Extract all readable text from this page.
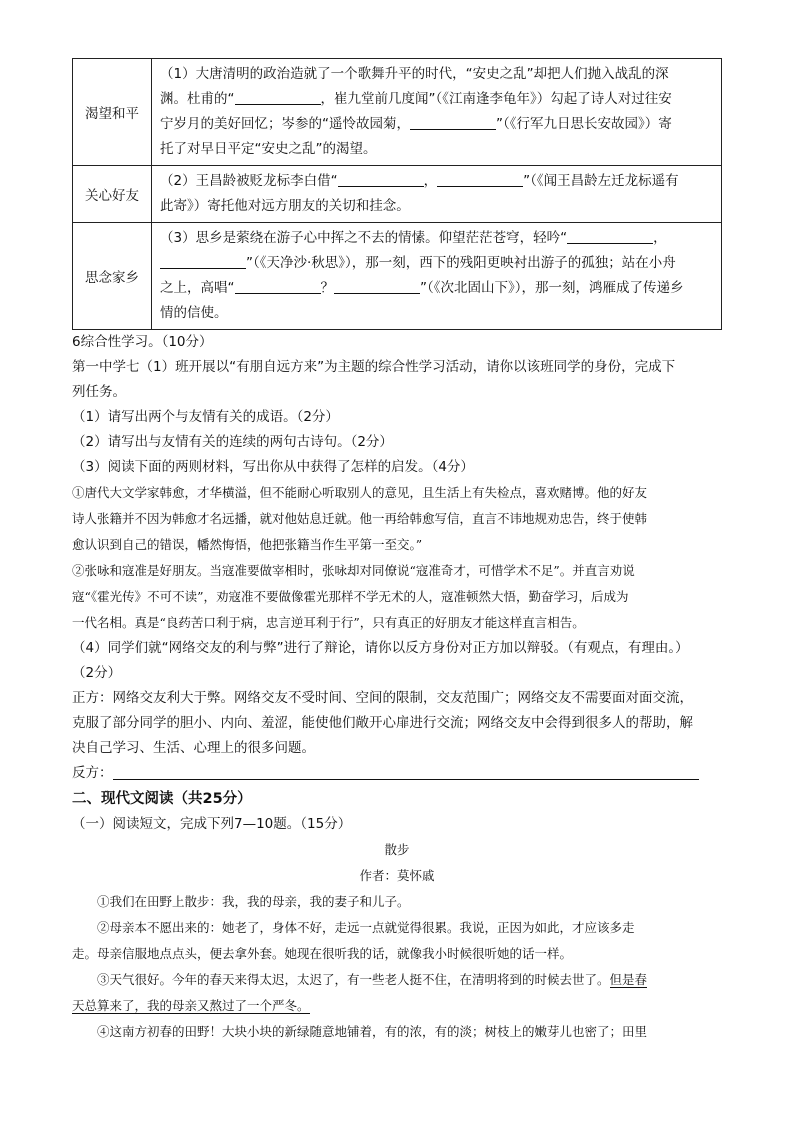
渴望和平	（1）大唐清明的政治造就了一个歌舞升平的时代，“安史之乱”却把人们抛入战乱的深
渊。杜甫的“ ，崔九堂前几度闻”（《江南逢李龟年》）勾起了诗人对过往安
宁岁月的美好回忆；岑参的“遥怜故园菊， ”（《行军九日思长安故园》）寄
托了对早日平定“安史之乱”的渴望。

关心好友	（2）王昌龄被贬龙标李白借“ ， ”（《闻王昌龄左迁龙标遥有
此寄》）寄托他对远方朋友的关切和挂念。

思念家乡	（3）思乡是萦绕在游子心中挥之不去的情愫。仰望茫茫苍穹，轻吟“ ，
”（《天净沙·秋思》），那一刻，西下的残阳更映衬出游子的孤独；站在小舟
之上，高唱“ ？ ”（《次北固山下》），那一刻，鸿雁成了传递乡
情的信使。

6综合性学习。（10分）

第一中学七（1）班开展以“有朋自远方来”为主题的综合性学习活动，请你以该班同学的身份，完成下

列任务。

（1）请写出两个与友情有关的成语。（2分）

（2）请写出与友情有关的连续的两句古诗句。（2分）

（3）阅读下面的两则材料，写出你从中获得了怎样的启发。（4分）

①唐代大文学家韩愈，才华横溢，但不能耐心听取别人的意见，且生活上有失检点，喜欢赌博。他的好友

诗人张籍并不因为韩愈才名远播，就对他姑息迁就。他一再给韩愈写信，直言不讳地规劝忠告，终于使韩

愈认识到自己的错误，幡然悔悟，他把张籍当作生平第一至交。”

②张咏和寇准是好朋友。当寇准要做宰相时，张咏却对同僚说“寇准奇才，可惜学术不足”。并直言劝说

寇“《霍光传》不可不读”，劝寇准不要做像霍光那样不学无术的人，寇准顿然大悟，勤奋学习，后成为

一代名相。真是“良药苦口利于病，忠言逆耳利于行”，只有真正的好朋友才能这样直言相告。

（4）同学们就“网络交友的利与弊”进行了辩论，请你以反方身份对正方加以辩驳。（有观点，有理由。）

（2分）

正方：网络交友利大于弊。网络交友不受时间、空间的限制，交友范围广；网络交友不需要面对面交流，

克服了部分同学的胆小、内向、羞涩，能使他们敞开心扉进行交流；网络交友中会得到很多人的帮助，解

决自己学习、生活、心理上的很多问题。

反方：

二、现代文阅读（共25分）

（一）阅读短文，完成下列7—10题。（15分）

散步

作者：莫怀戚

①我们在田野上散步：我，我的母亲，我的妻子和儿子。

②母亲本不愿出来的：她老了，身体不好，走远一点就觉得很累。我说，正因为如此，才应该多走

走。母亲信服地点点头，便去拿外套。她现在很听我的话，就像我小时候很听她的话一样。

③天气很好。今年的春天来得太迟，太迟了，有一些老人挺不住，在清明将到的时候去世了。但是春

天总算来了，我的母亲又熬过了一个严冬。

④这南方初春的田野！大块小块的新绿随意地铺着，有的浓，有的淡；树枝上的嫩芽儿也密了；田里
